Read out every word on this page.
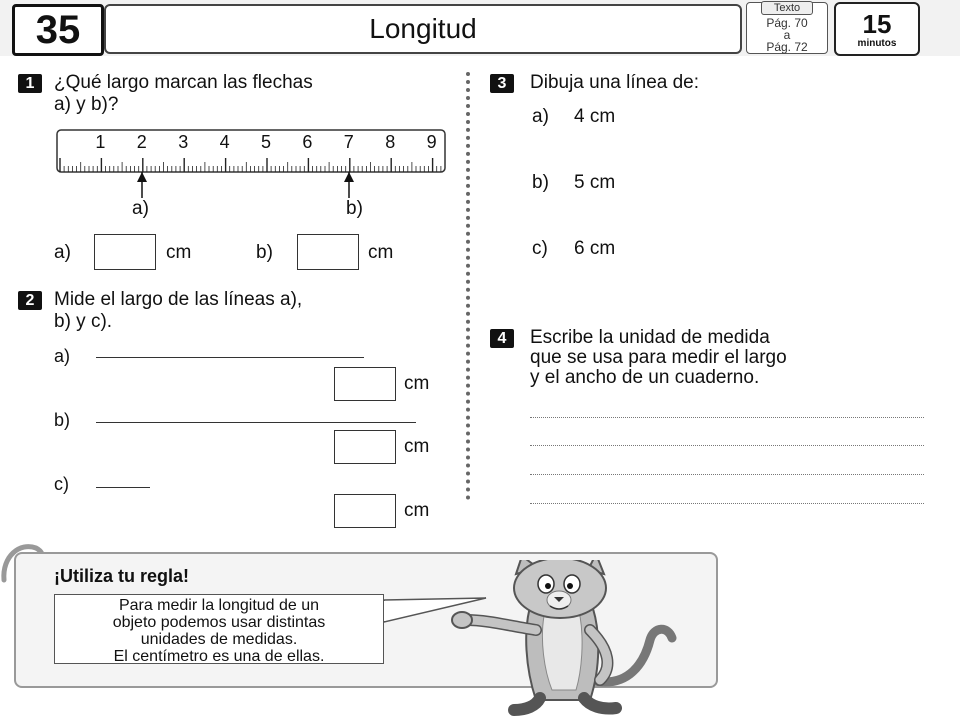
35	Longitud
Texto
Pág. 70
a
Pág. 72
15
minutos
1	¿Qué largo marcan las flechas
a) y b)?
1 2 3 4 5 6 7 8 9
a)	b)
a)	cm	b)	cm
2	Mide el largo de las líneas a),
b) y c).
a)
cm
b)
cm
c)
cm
3	Dibuja una línea de:
a) 4 cm
b) 5 cm
c) 6 cm
4	Escribe la unidad de medida
que se usa para medir el largo
y el ancho de un cuaderno.
¡Utiliza tu regla!
Para medir la longitud de un
objeto podemos usar distintas
unidades de medidas.
El centímetro es una de ellas.
